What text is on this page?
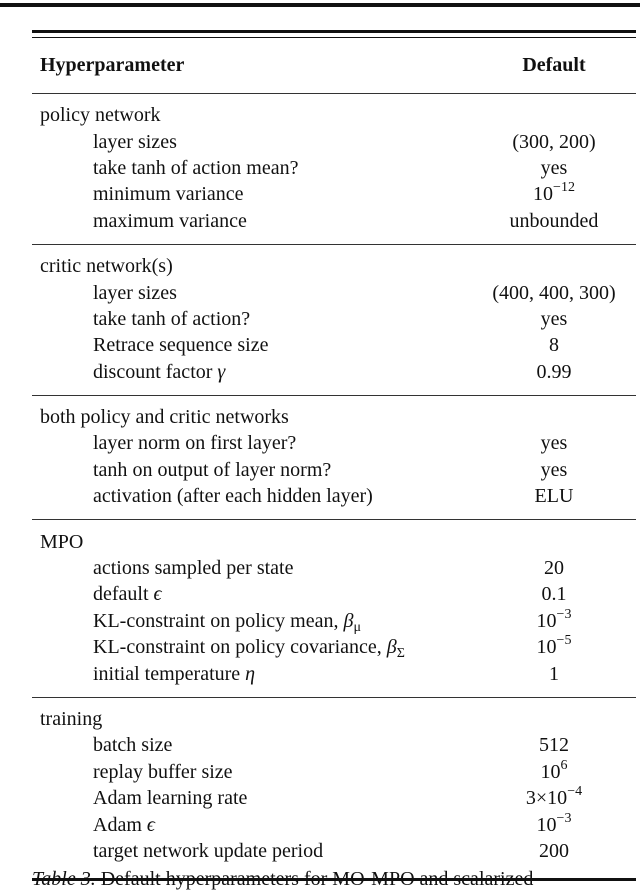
Hyperparameter	Default
policy network
layer sizes	(300, 200)
take tanh of action mean?	yes
minimum variance	$10^{-12}$
maximum variance	unbounded
critic network(s)
layer sizes	(400, 400, 300)
take tanh of action?	yes
Retrace sequence size	8
discount factor γ	0.99
both policy and critic networks
layer norm on first layer?	yes
tanh on output of layer norm?	yes
activation (after each hidden layer)	ELU
MPO
actions sampled per state	20
default ϵ	0.1
KL-constraint on policy mean, $\beta_\mu$	$10^{-3}$
KL-constraint on policy covariance, $\beta_\Sigma$	$10^{-5}$
initial temperature η	1
training
batch size	512
replay buffer size	$10^6$
Adam learning rate	$3\times 10^{-4}$
Adam ϵ	$10^{-3}$
target network update period	200
Table 3. Default hyperparameters for MO-MPO and scalarized
